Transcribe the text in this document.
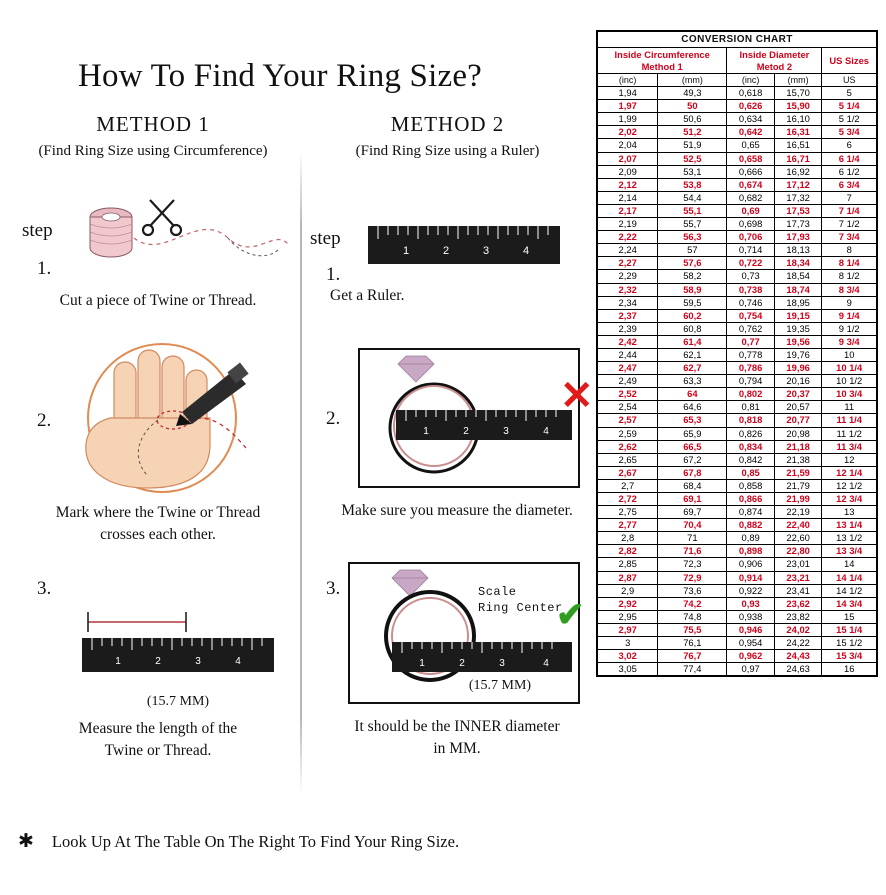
How To Find Your Ring Size?
METHOD 1
(Find Ring Size using Circumference)
step
1.
2.
3.
Cut a piece of Twine or Thread.
Mark where the Twine or Thread
crosses each other.
1	2	3	4
(15.7 MM)
Measure the length of the
Twine or Thread.
METHOD 2
(Find Ring Size using a Ruler)
step
1.
2.
3.
1	2	3	4
Get a Ruler.
1	2	3	4
✕
Make sure you measure the diameter.
1	2	3	4
Scale
Ring Center
✔
(15.7 MM)
It should be the INNER diameter
in MM.
✱ Look Up At The Table On The Right To Find Your Ring Size.
CONVERSION CHART				

Inside Circumference
Method 1

Inside Diameter
Metod 2
	US Sizes
(inc)	(mm)	(inc)	(mm)	US
1,94	49,3	0,618	15,70	5
1,97	50	0,626	15,90	5 1/4
1,99	50,6	0,634	16,10	5 1/2
2,02	51,2	0,642	16,31	5 3/4
2,04	51,9	0,65	16,51	6
2,07	52,5	0,658	16,71	6 1/4
2,09	53,1	0,666	16,92	6 1/2
2,12	53,8	0,674	17,12	6 3/4
2,14	54,4	0,682	17,32	7
2,17	55,1	0,69	17,53	7 1/4
2,19	55,7	0,698	17,73	7 1/2
2,22	56,3	0,706	17,93	7 3/4
2,24	57	0,714	18,13	8
2,27	57,6	0,722	18,34	8 1/4
2,29	58,2	0,73	18,54	8 1/2
2,32	58,9	0,738	18,74	8 3/4
2,34	59,5	0,746	18,95	9
2,37	60,2	0,754	19,15	9 1/4
2,39	60,8	0,762	19,35	9 1/2
2,42	61,4	0,77	19,56	9 3/4
2,44	62,1	0,778	19,76	10
2,47	62,7	0,786	19,96	10 1/4
2,49	63,3	0,794	20,16	10 1/2
2,52	64	0,802	20,37	10 3/4
2,54	64,6	0,81	20,57	11
2,57	65,3	0,818	20,77	11 1/4
2,59	65,9	0,826	20,98	11 1/2
2,62	66,5	0,834	21,18	11 3/4
2,65	67,2	0,842	21,38	12
2,67	67,8	0,85	21,59	12 1/4
2,7	68,4	0,858	21,79	12 1/2
2,72	69,1	0,866	21,99	12 3/4
2,75	69,7	0,874	22,19	13
2,77	70,4	0,882	22,40	13 1/4
2,8	71	0,89	22,60	13 1/2
2,82	71,6	0,898	22,80	13 3/4
2,85	72,3	0,906	23,01	14
2,87	72,9	0,914	23,21	14 1/4
2,9	73,6	0,922	23,41	14 1/2
2,92	74,2	0,93	23,62	14 3/4
2,95	74,8	0,938	23,82	15
2,97	75,5	0,946	24,02	15 1/4
3	76,1	0,954	24,22	15 1/2
3,02	76,7	0,962	24,43	15 3/4
3,05	77,4	0,97	24,63	16
